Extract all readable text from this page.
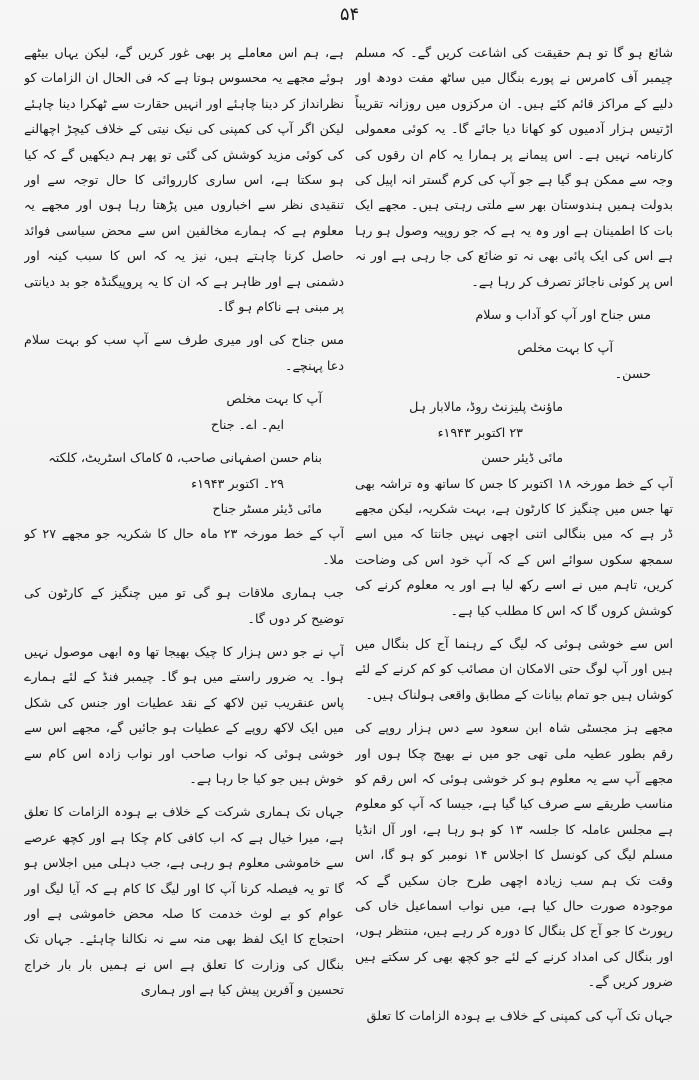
۵۴

شائع ہو گا تو ہم حقیقت کی اشاعت کریں گے۔ کہ مسلم چیمبر آف کامرس نے پورے بنگال میں ساٹھ مفت دودھ اور دلیے کے مراکز قائم کئے ہیں۔ ان مرکزوں میں روزانہ تقریباً اڑتیس ہزار آدمیوں کو کھانا دیا جائے گا۔ یہ کوئی معمولی کارنامہ نہیں ہے۔ اس پیمانے پر ہمارا یہ کام ان رقوں کی وجہ سے ممکن ہو گیا ہے جو آپ کی کرم گستر انہ اپیل کی بدولت ہمیں ہندوستان بھر سے ملتی رہتی ہیں۔ مجھے ایک بات کا اطمینان ہے اور وہ یہ ہے کہ جو روپیہ وصول ہو رہا ہے اس کی ایک پائی بھی نہ تو ضائع کی جا رہی ہے اور نہ اس پر کوئی ناجائز تصرف کر رہا ہے۔

مس جناح اور آپ کو آداب و سلام
آپ کا بہت مخلص
حسن۔
ماؤنٹ پلیزنٹ روڈ، مالابار ہل
۲۳ اکتوبر ۱۹۴۳ء
مائی ڈیئر حسن

آپ کے خط مورخہ ۱۸ اکتوبر کا جس کا ساتھ وہ تراشہ بھی تھا جس میں چنگیز کا کارٹون ہے، بہت شکریہ، لیکن مجھے ڈر ہے کہ میں بنگالی اتنی اچھی نہیں جانتا کہ میں اسے سمجھ سکوں سوائے اس کے کہ آپ خود اس کی وضاحت کریں، تاہم میں نے اسے رکھ لیا ہے اور یہ معلوم کرنے کی کوشش کروں گا کہ اس کا مطلب کیا ہے۔

اس سے خوشی ہوئی کہ لیگ کے رہنما آج کل بنگال میں ہیں اور آپ لوگ حتی الامکان ان مصائب کو کم کرنے کے لئے کوشاں ہیں جو تمام بیانات کے مطابق واقعی ہولناک ہیں۔

مجھے ہز مجسٹی شاہ ابن سعود سے دس ہزار روپے کی رقم بطور عطیہ ملی تھی جو میں نے بھیج چکا ہوں اور مجھے آپ سے یہ معلوم ہو کر خوشی ہوئی کہ اس رقم کو مناسب طریقے سے صرف کیا گیا ہے، جیسا کہ آپ کو معلوم ہے مجلس عاملہ کا جلسہ ۱۳ کو ہو رہا ہے، اور آل انڈیا مسلم لیگ کی کونسل کا اجلاس ۱۴ نومبر کو ہو گا، اس وقت تک ہم سب زیادہ اچھی طرح جان سکیں گے کہ موجودہ صورت حال کیا ہے، میں نواب اسماعیل خاں کی رپورٹ کا جو آج کل بنگال کا دورہ کر رہے ہیں، منتظر ہوں، اور بنگال کی امداد کرنے کے لئے جو کچھ بھی کر سکتے ہیں ضرور کریں گے۔

جہاں تک آپ کی کمپنی کے خلاف بے ہودہ الزامات کا تعلق

ہے، ہم اس معاملے پر بھی غور کریں گے، لیکن یہاں بیٹھے ہوئے مجھے یہ محسوس ہوتا ہے کہ فی الحال ان الزامات کو نظرانداز کر دینا چاہئے اور انہیں حقارت سے ٹھکرا دینا چاہئے لیکن اگر آپ کی کمپنی کی نیک نیتی کے خلاف کیچڑ اچھالنے کی کوئی مزید کوشش کی گئی تو پھر ہم دیکھیں گے کہ کیا ہو سکتا ہے، اس ساری کارروائی کا حال توجہ سے اور تنقیدی نظر سے اخباروں میں پڑھتا رہا ہوں اور مجھے یہ معلوم ہے کہ ہمارے مخالفین اس سے محض سیاسی فوائد حاصل کرنا چاہتے ہیں، نیز یہ کہ اس کا سبب کینہ اور دشمنی ہے اور ظاہر ہے کہ ان کا یہ پروپیگنڈہ جو بد دیانتی پر مبنی ہے ناکام ہو گا۔

مس جناح کی اور میری طرف سے آپ سب کو بہت سلام دعا پہنچے۔

آپ کا بہت مخلص
ایم۔ اے۔ جناح
بنام حسن اصفہانی صاحب، ۵ کاماک اسٹریٹ، کلکتہ
۲۹۔ اکتوبر ۱۹۴۳ء
مائی ڈیئر مسٹر جناح

آپ کے خط مورخہ ۲۳ ماہ حال کا شکریہ جو مجھے ۲۷ کو ملا۔

جب ہماری ملاقات ہو گی تو میں چنگیز کے کارٹون کی توضیح کر دوں گا۔

آپ نے جو دس ہزار کا چیک بھیجا تھا وہ ابھی موصول نہیں ہوا۔ یہ ضرور راستے میں ہو گا۔ چیمبر فنڈ کے لئے ہمارے پاس عنقریب تین لاکھ کے نقد عطیات اور جنس کی شکل میں ایک لاکھ روپے کے عطیات ہو جائیں گے، مجھے اس سے خوشی ہوئی کہ نواب صاحب اور نواب زادہ اس کام سے خوش ہیں جو کیا جا رہا ہے۔

جہاں تک ہماری شرکت کے خلاف بے ہودہ الزامات کا تعلق ہے، میرا خیال ہے کہ اب کافی کام چکا ہے اور کچھ عرصے سے خاموشی معلوم ہو رہی ہے، جب دہلی میں اجلاس ہو گا تو یہ فیصلہ کرنا آپ کا اور لیگ کا کام ہے کہ آیا لیگ اور عوام کو بے لوث خدمت کا صلہ محض خاموشی ہے اور احتجاج کا ایک لفظ بھی منہ سے نہ نکالنا چاہئے۔ جہاں تک بنگال کی وزارت کا تعلق ہے اس نے ہمیں بار بار خراج تحسین و آفرین پیش کیا ہے اور ہماری
